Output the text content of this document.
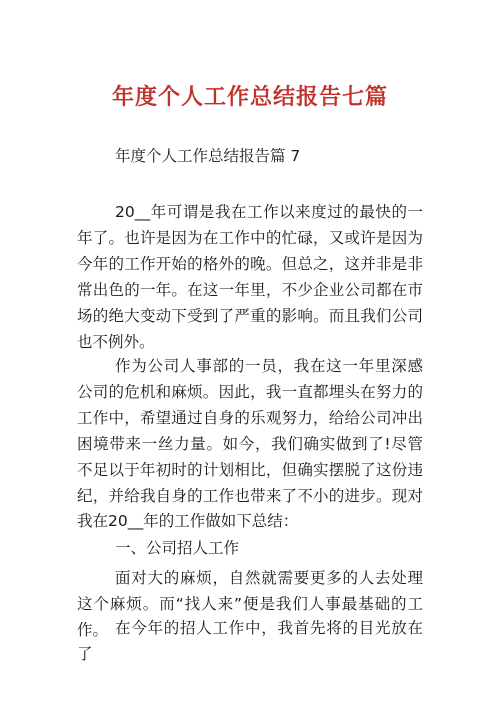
年度个人工作总结报告七篇
年度个人工作总结报告篇 7

20__年可谓是我在工作以来度过的最快的一年了。也许是因为在工作中的忙碌，又或许是因为今年的工作开始的格外的晚。但总之，这并非是非常出色的一年。在这一年里，不少企业公司都在市场的绝大变动下受到了严重的影响。而且我们公司也不例外。

作为公司人事部的一员，我在这一年里深感公司的危机和麻烦。因此，我一直都埋头在努力的工作中，希望通过自身的乐观努力，给给公司冲出困境带来一丝力量。如今，我们确实做到了!尽管不足以于年初时的计划相比，但确实摆脱了这份违纪，并给我自身的工作也带来了不小的进步。现对我在20__年的工作做如下总结：

一、公司招人工作

面对大的麻烦，自然就需要更多的人去处理这个麻烦。而“找人来”便是我们人事最基础的工作。 在今年的招人工作中，我首先将的目光放在了
